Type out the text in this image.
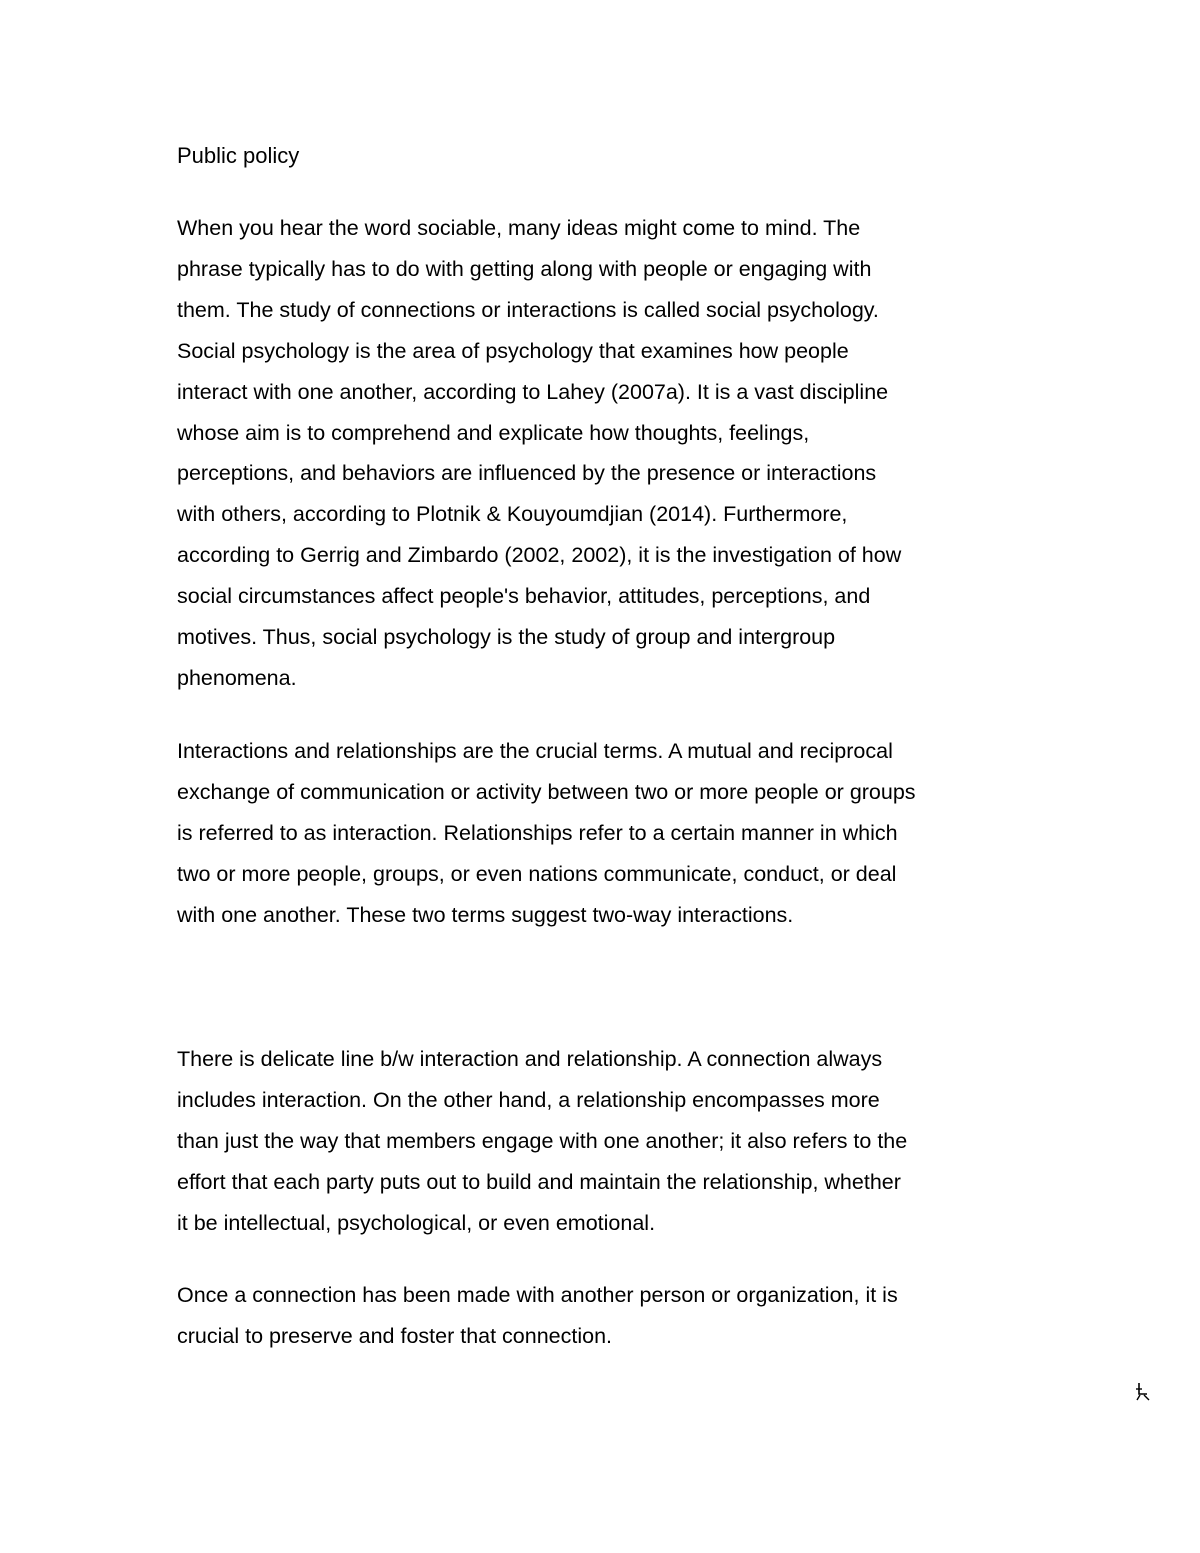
Public policy

When you hear the word sociable, many ideas might come to mind. The
phrase typically has to do with getting along with people or engaging with
them. The study of connections or interactions is called social psychology.
Social psychology is the area of psychology that examines how people
interact with one another, according to Lahey (2007a). It is a vast discipline
whose aim is to comprehend and explicate how thoughts, feelings,
perceptions, and behaviors are influenced by the presence or interactions
with others, according to Plotnik & Kouyoumdjian (2014). Furthermore,
according to Gerrig and Zimbardo (2002, 2002), it is the investigation of how
social circumstances affect people's behavior, attitudes, perceptions, and
motives. Thus, social psychology is the study of group and intergroup
phenomena.

Interactions and relationships are the crucial terms. A mutual and reciprocal
exchange of communication or activity between two or more people or groups
is referred to as interaction. Relationships refer to a certain manner in which
two or more people, groups, or even nations communicate, conduct, or deal
with one another. These two terms suggest two-way interactions.

There is delicate line b/w interaction and relationship. A connection always
includes interaction. On the other hand, a relationship encompasses more
than just the way that members engage with one another; it also refers to the
effort that each party puts out to build and maintain the relationship, whether
it be intellectual, psychological, or even emotional.

Once a connection has been made with another person or organization, it is
crucial to preserve and foster that connection.
